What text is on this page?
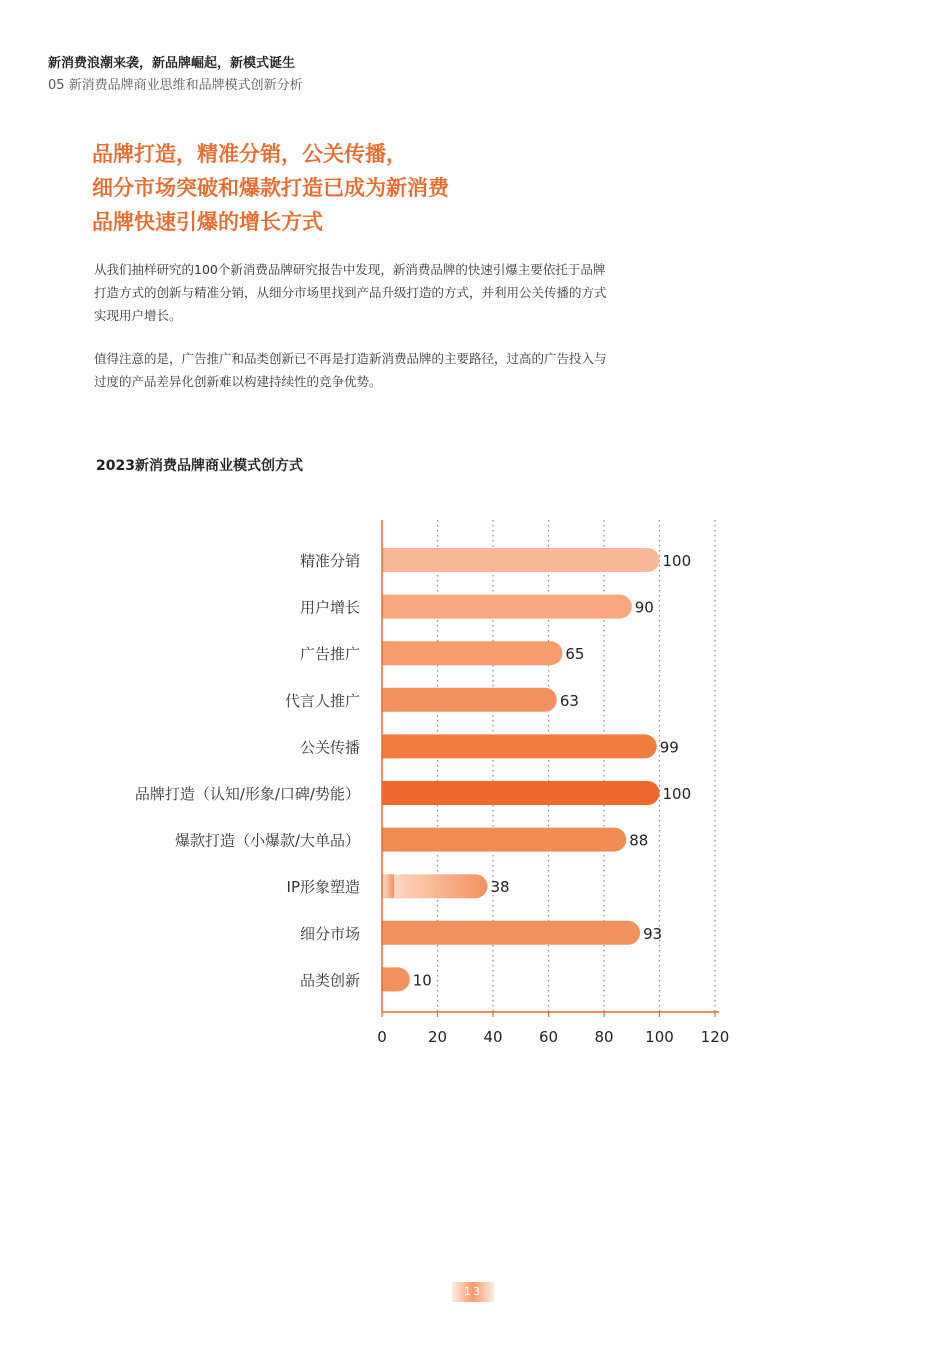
新消费浪潮来袭，新品牌崛起，新模式诞生
05 新消费品牌商业思维和品牌模式创新分析
品牌打造，精准分销，公关传播，
细分市场突破和爆款打造已成为新消费
品牌快速引爆的增长方式

从我们抽样研究的100个新消费品牌研究报告中发现，新消费品牌的快速引爆主要依托于品牌打造方式的创新与精准分销，从细分市场里找到产品升级打造的方式，并利用公关传播的方式实现用户增长。

值得注意的是，广告推广和品类创新已不再是打造新消费品牌的主要路径，过高的广告投入与过度的产品差异化创新难以构建持续性的竞争优势。

2023新消费品牌商业模式创方式
100
精准分销
90
用户增长
65
广告推广
63
代言人推广
99
公关传播
100
品牌打造（认知/形象/口碑/势能）
88
爆款打造（小爆款/大单品）
38
IP形象塑造
93
细分市场
10
品类创新
0	20 40 60 80 100 120
13
